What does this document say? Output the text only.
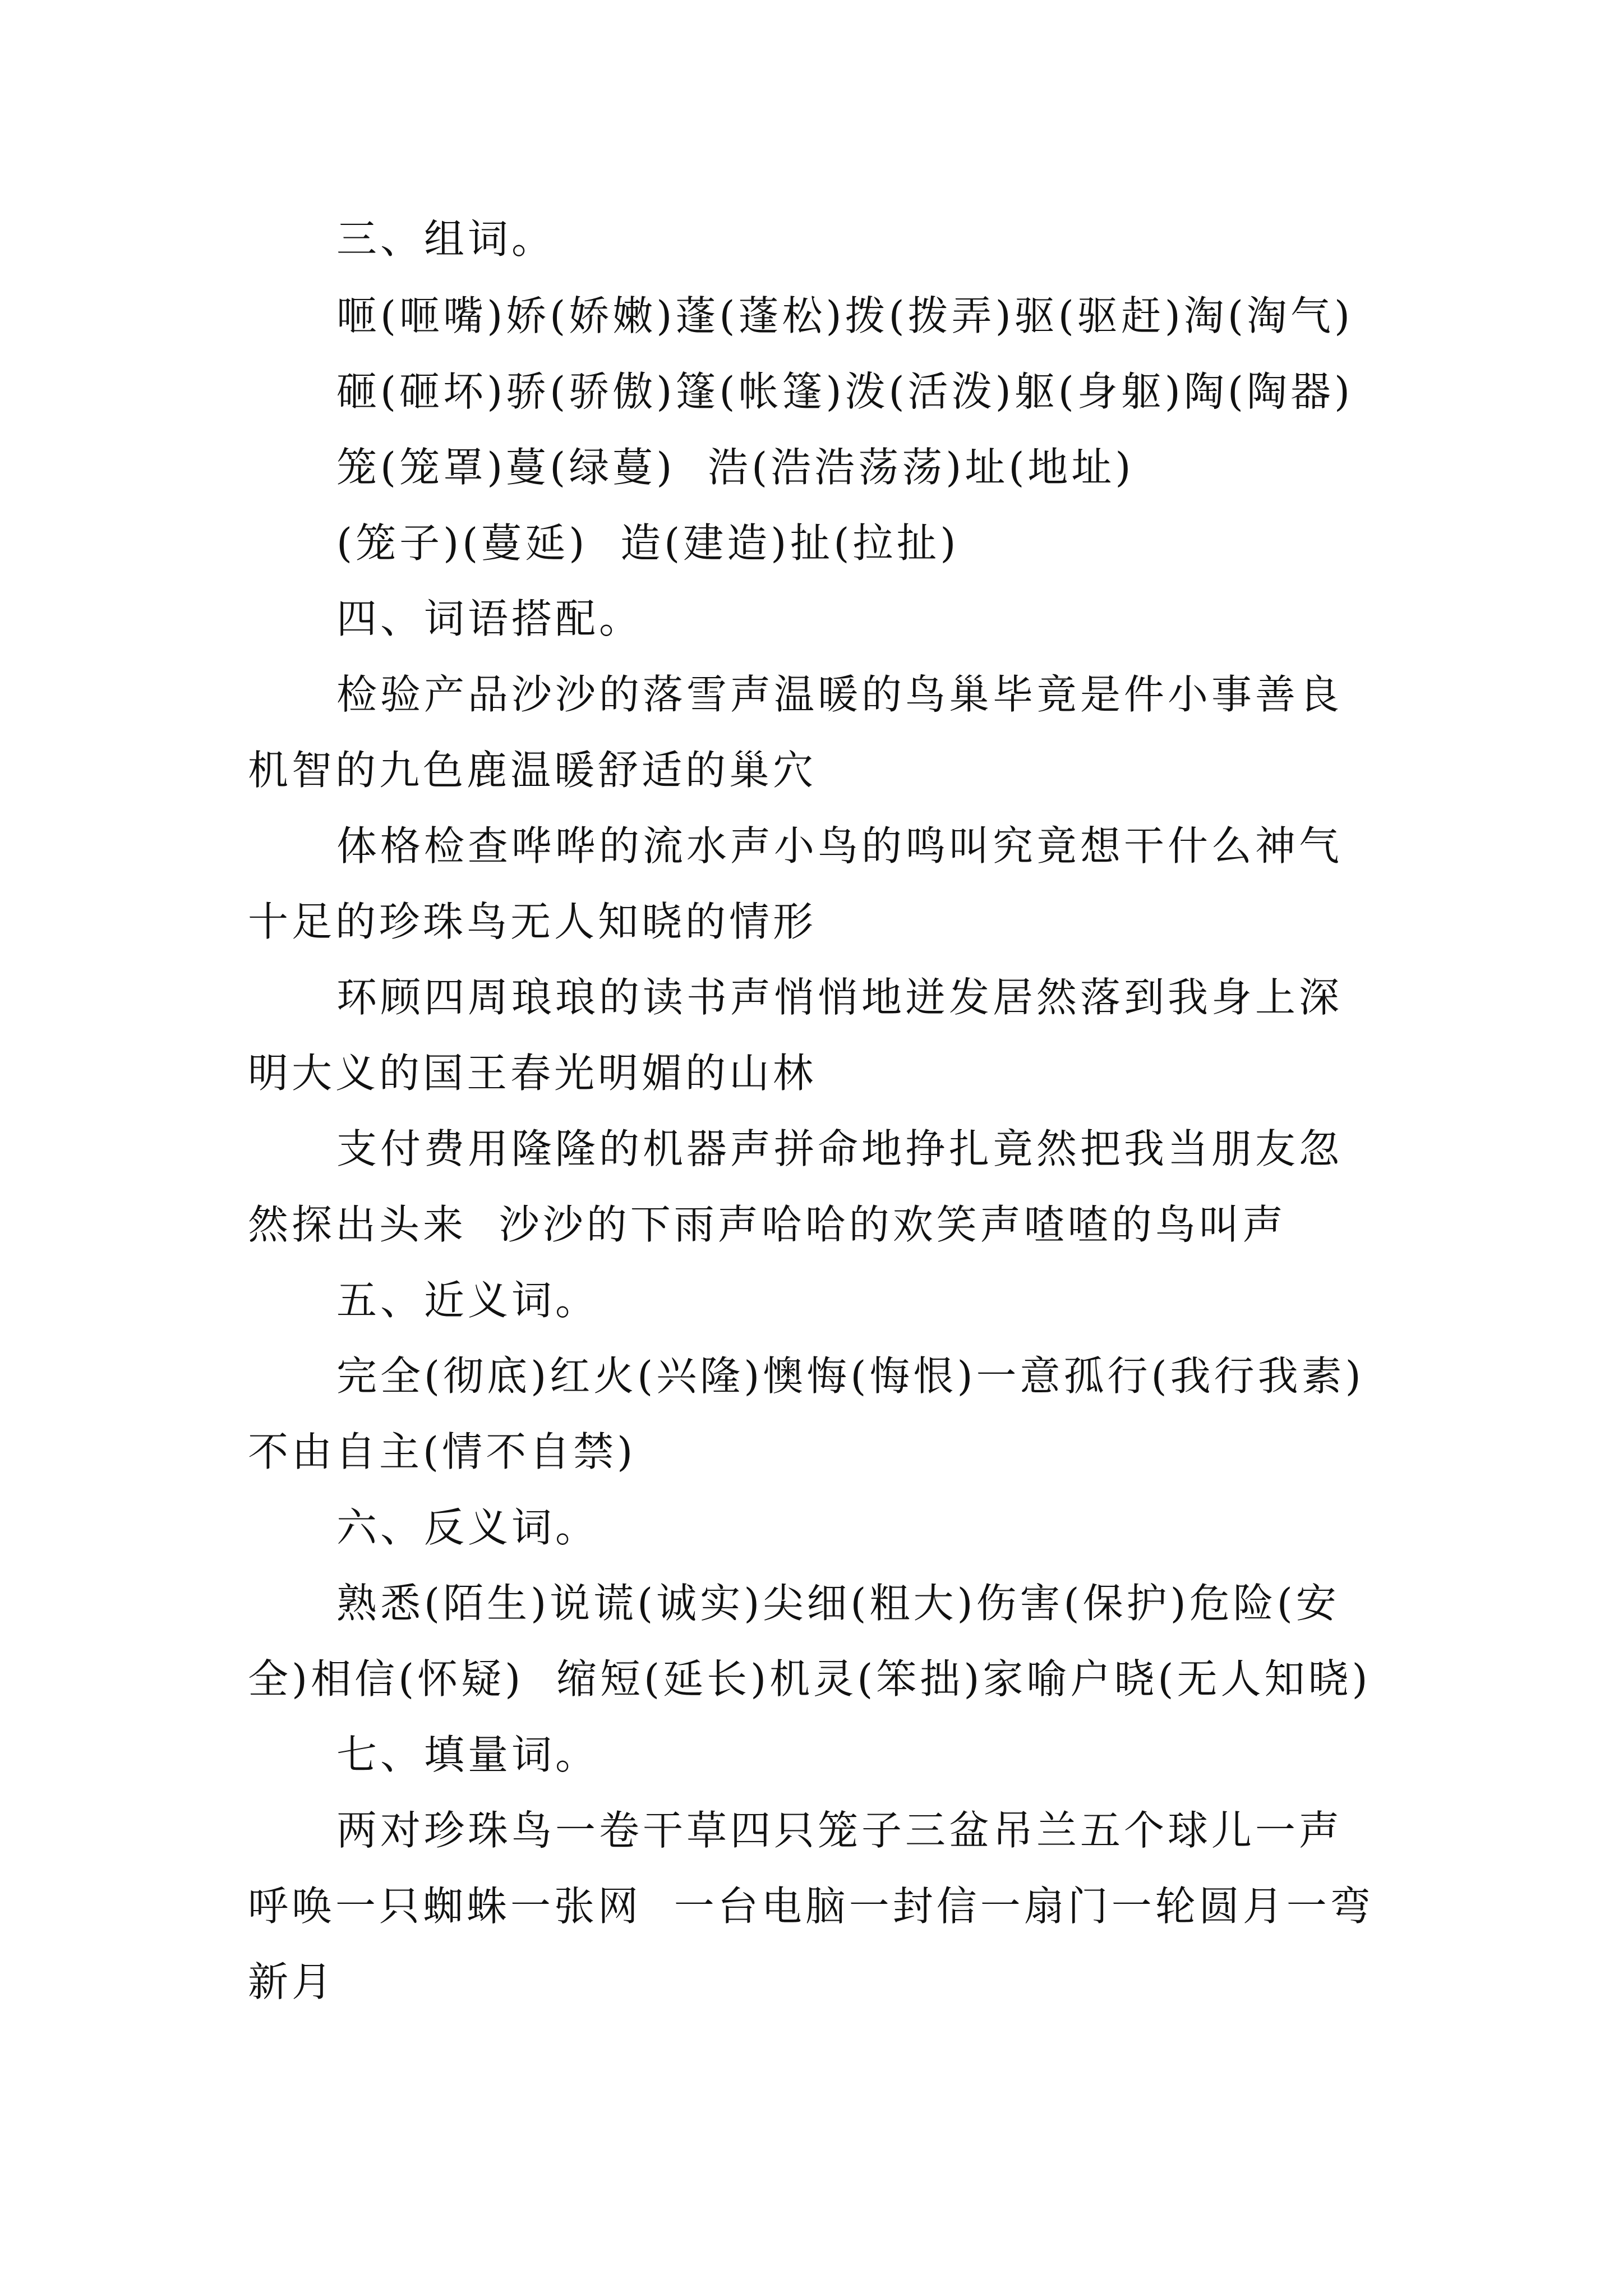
三、组词。
咂(咂嘴)娇(娇嫩)蓬(蓬松)拨(拨弄)驱(驱赶)淘(淘气)
砸(砸坏)骄(骄傲)篷(帐篷)泼(活泼)躯(身躯)陶(陶器)
笼(笼罩)蔓(绿蔓)  浩(浩浩荡荡)址(地址)
(笼子)(蔓延)  造(建造)扯(拉扯)
四、词语搭配。
检验产品沙沙的落雪声温暖的鸟巢毕竟是件小事善良
机智的九色鹿温暖舒适的巢穴
体格检查哗哗的流水声小鸟的鸣叫究竟想干什么神气
十足的珍珠鸟无人知晓的情形
环顾四周琅琅的读书声悄悄地迸发居然落到我身上深
明大义的国王春光明媚的山林
支付费用隆隆的机器声拼命地挣扎竟然把我当朋友忽
然探出头来  沙沙的下雨声哈哈的欢笑声喳喳的鸟叫声
五、近义词。
完全(彻底)红火(兴隆)懊悔(悔恨)一意孤行(我行我素)
不由自主(情不自禁)
六、反义词。
熟悉(陌生)说谎(诚实)尖细(粗大)伤害(保护)危险(安
全)相信(怀疑)  缩短(延长)机灵(笨拙)家喻户晓(无人知晓)
七、填量词。
两对珍珠鸟一卷干草四只笼子三盆吊兰五个球儿一声
呼唤一只蜘蛛一张网  一台电脑一封信一扇门一轮圆月一弯
新月
